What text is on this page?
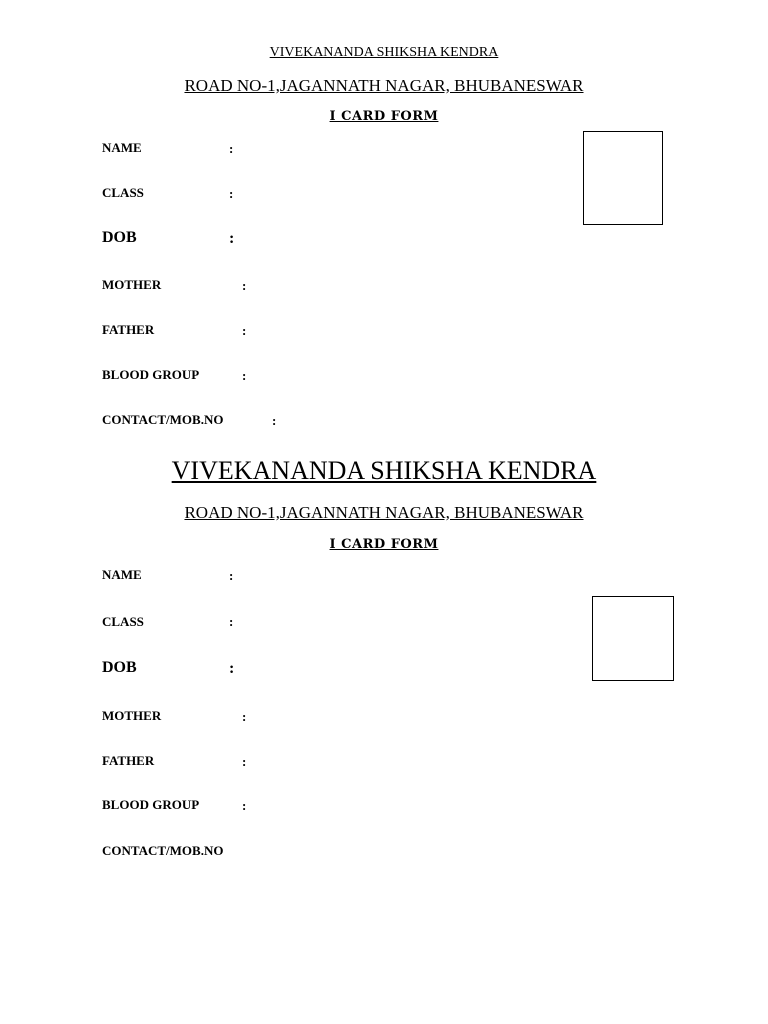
VIVEKANANDA SHIKSHA KENDRA
ROAD NO-1,JAGANNATH NAGAR, BHUBANESWAR
I CARD FORM
NAME	:
CLASS	:
DOB	:
MOTHER	:
FATHER	:
BLOOD GROUP	:
CONTACT/MOB.NO	:
VIVEKANANDA SHIKSHA KENDRA
ROAD NO-1,JAGANNATH NAGAR, BHUBANESWAR
I CARD FORM
NAME	:
CLASS	:
DOB	:
MOTHER	:
FATHER	:
BLOOD GROUP	:
CONTACT/MOB.NO
